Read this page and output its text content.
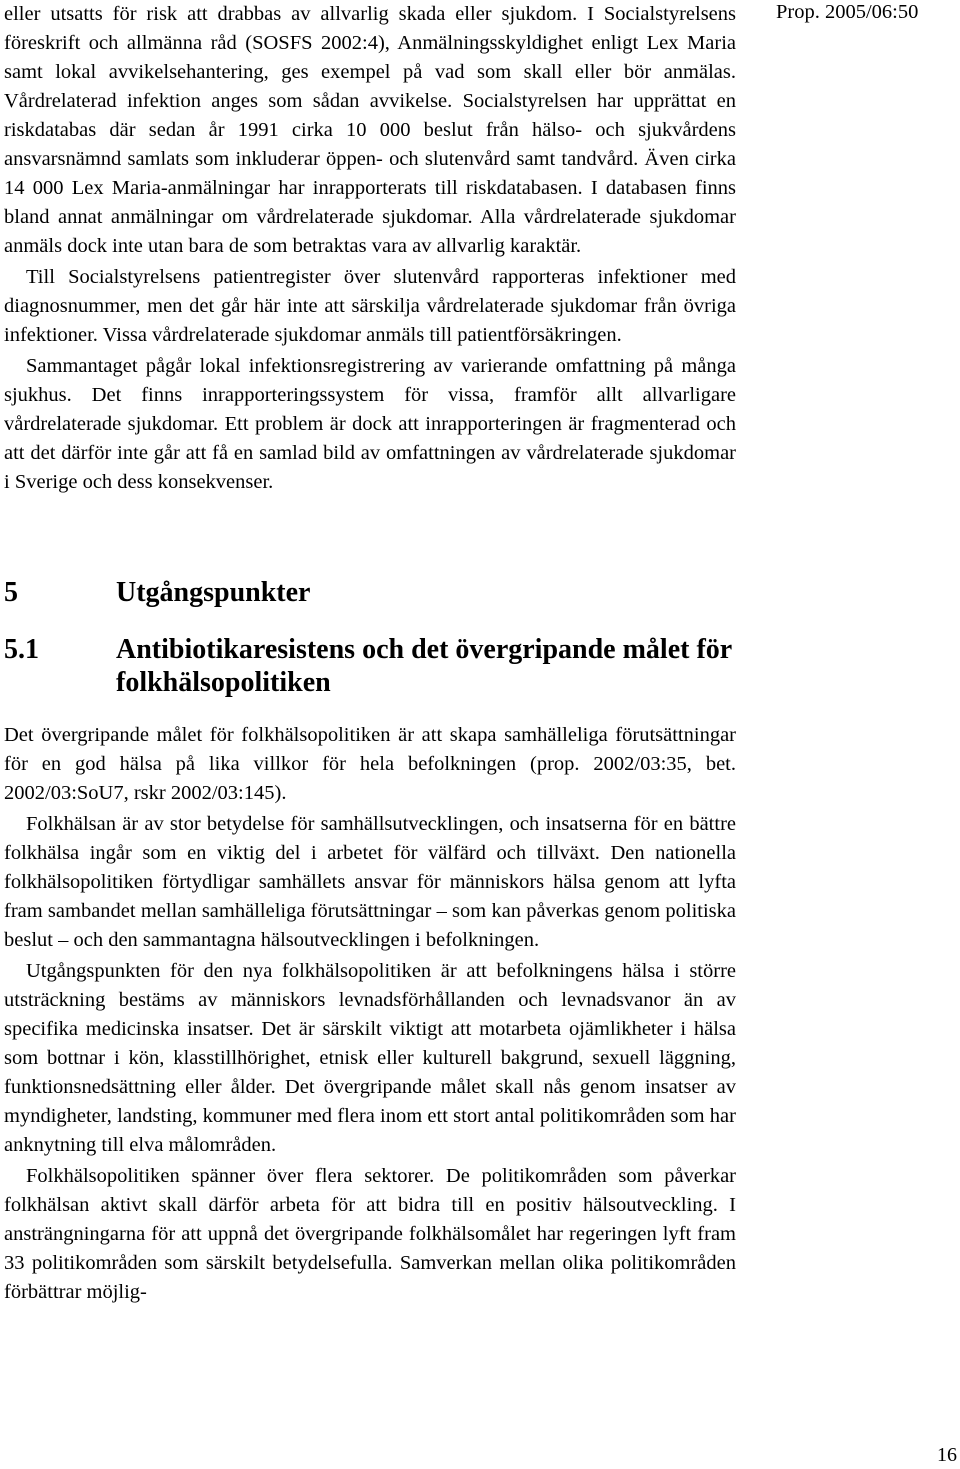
Prop. 2005/06:50

eller utsatts för risk att drabbas av allvarlig skada eller sjukdom. I Socialstyrelsens föreskrift och allmänna råd (SOSFS 2002:4), Anmälningsskyldighet enligt Lex Maria samt lokal avvikelsehantering, ges exempel på vad som skall eller bör anmälas. Vårdrelaterad infektion anges som sådan avvikelse. Socialstyrelsen har upprättat en riskdatabas där sedan år 1991 cirka 10 000 beslut från hälso- och sjukvårdens ansvarsnämnd samlats som inkluderar öppen- och slutenvård samt tandvård. Även cirka 14 000 Lex Maria-anmälningar har inrapporterats till riskdatabasen. I databasen finns bland annat anmälningar om vårdrelaterade sjukdomar. Alla vårdrelaterade sjukdomar anmäls dock inte utan bara de som betraktas vara av allvarlig karaktär.

Till Socialstyrelsens patientregister över slutenvård rapporteras infektioner med diagnosnummer, men det går här inte att särskilja vårdrelaterade sjukdomar från övriga infektioner. Vissa vårdrelaterade sjukdomar anmäls till patientförsäkringen.

Sammantaget pågår lokal infektionsregistrering av varierande omfattning på många sjukhus. Det finns inrapporteringssystem för vissa, framför allt allvarligare vårdrelaterade sjukdomar. Ett problem är dock att inrapporteringen är fragmenterad och att det därför inte går att få en samlad bild av omfattningen av vårdrelaterade sjukdomar i Sverige och dess konsekvenser.

5	Utgångspunkter
5.1	Antibiotikaresistens och det övergripande målet för folkhälsopolitiken

Det övergripande målet för folkhälsopolitiken är att skapa samhälleliga förutsättningar för en god hälsa på lika villkor för hela befolkningen (prop. 2002/03:35, bet. 2002/03:SoU7, rskr 2002/03:145).

Folkhälsan är av stor betydelse för samhällsutvecklingen, och insatserna för en bättre folkhälsa ingår som en viktig del i arbetet för välfärd och tillväxt. Den nationella folkhälsopolitiken förtydligar samhällets ansvar för människors hälsa genom att lyfta fram sambandet mellan samhälleliga förutsättningar – som kan påverkas genom politiska beslut – och den sammantagna hälsoutvecklingen i befolkningen.

Utgångspunkten för den nya folkhälsopolitiken är att befolkningens hälsa i större utsträckning bestäms av människors levnadsförhållanden och levnadsvanor än av specifika medicinska insatser. Det är särskilt viktigt att motarbeta ojämlikheter i hälsa som bottnar i kön, klasstillhörighet, etnisk eller kulturell bakgrund, sexuell läggning, funktionsnedsättning eller ålder. Det övergripande målet skall nås genom insatser av myndigheter, landsting, kommuner med flera inom ett stort antal politikområden som har anknytning till elva målområden.

Folkhälsopolitiken spänner över flera sektorer. De politikområden som påverkar folkhälsan aktivt skall därför arbeta för att bidra till en positiv hälsoutveckling. I ansträngningarna för att uppnå det övergripande folkhälsomålet har regeringen lyft fram 33 politikområden som särskilt betydelsefulla. Samverkan mellan olika politikområden förbättrar möjlig-

16
